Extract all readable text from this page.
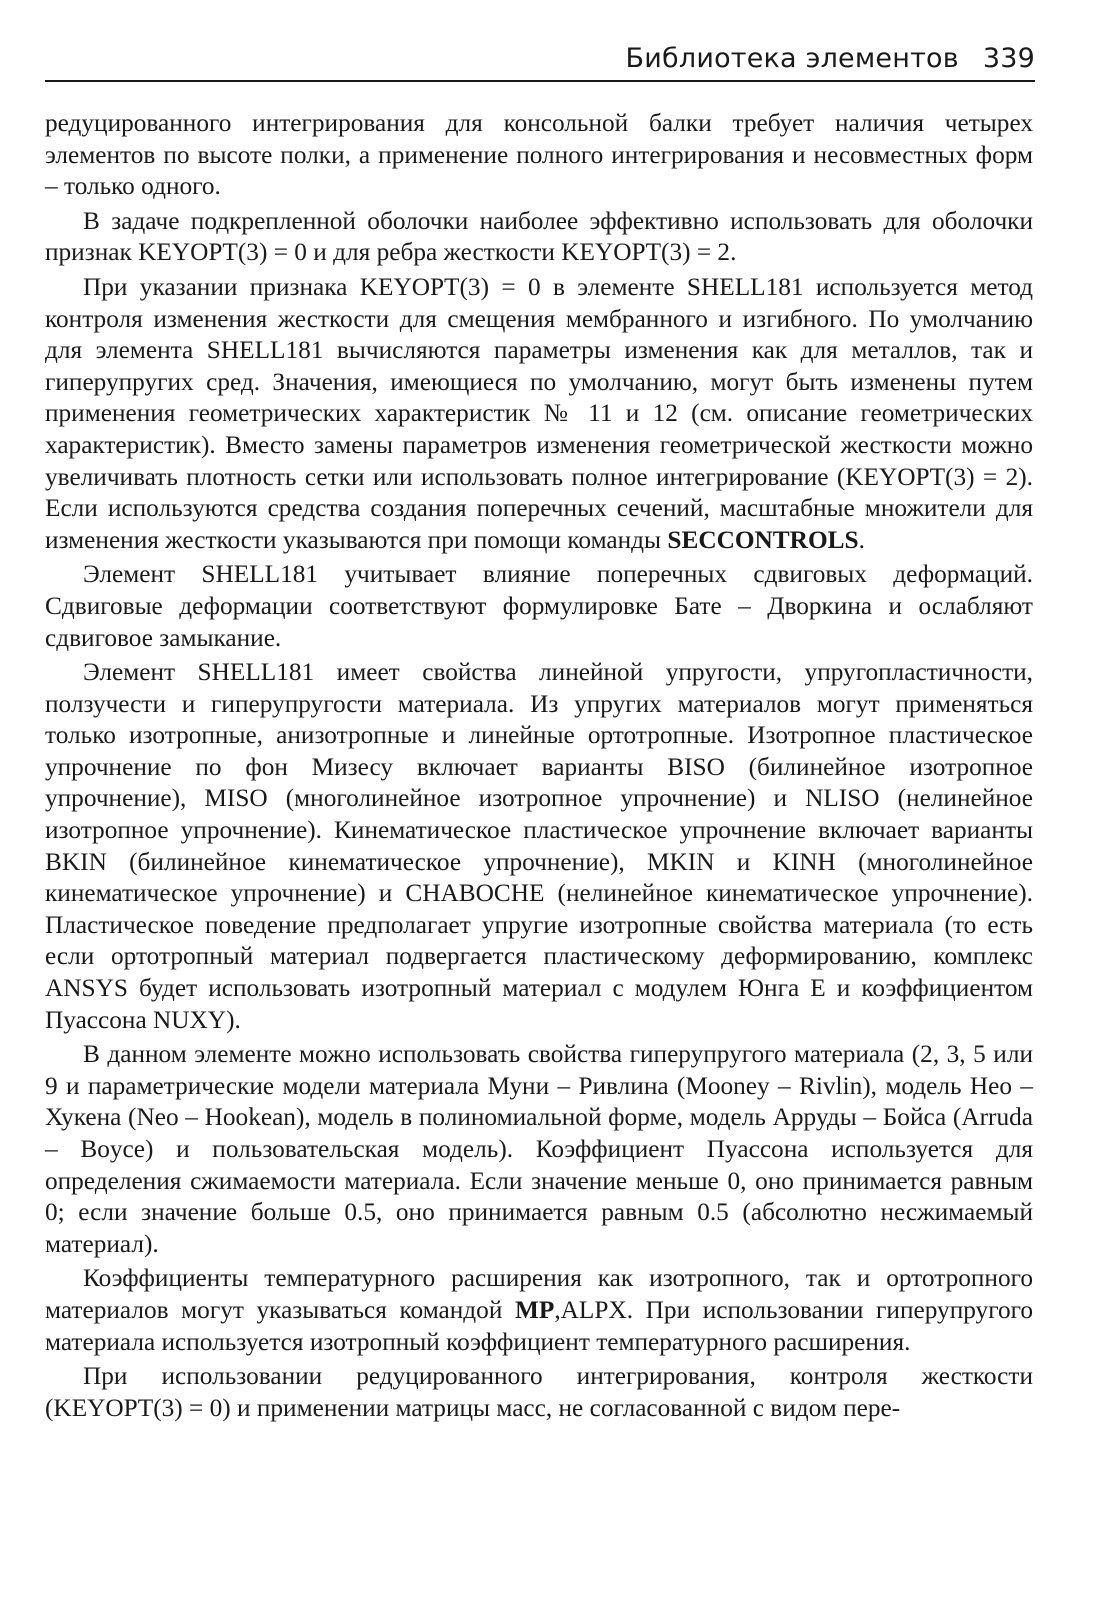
Библиотека элементов 339

редуцированного интегрирования для консольной балки требует наличия четырех элементов по высоте полки, а применение полного интегрирования и несовместных форм – только одного.

В задаче подкрепленной оболочки наиболее эффективно использовать для оболочки признак KEYOPT(3) = 0 и для ребра жесткости KEYOPT(3) = 2.

При указании признака KEYOPT(3) = 0 в элементе SHELL181 используется метод контроля изменения жесткости для смещения мембранного и изгибного. По умолчанию для элемента SHELL181 вычисляются параметры изменения как для металлов, так и гиперупругих сред. Значения, имеющиеся по умолчанию, могут быть изменены путем применения геометрических характеристик № 11 и 12 (см. описание геометрических характеристик). Вместо замены параметров изменения геометрической жесткости можно увеличивать плотность сетки или использовать полное интегрирование (KEYOPT(3) = 2). Если используются средства создания поперечных сечений, масштабные множители для изменения жесткости указываются при помощи команды SECCONTROLS.

Элемент SHELL181 учитывает влияние поперечных сдвиговых деформаций. Сдвиговые деформации соответствуют формулировке Бате – Дворкина и ослабляют сдвиговое замыкание.

Элемент SHELL181 имеет свойства линейной упругости, упругопластичности, ползучести и гиперупругости материала. Из упругих материалов могут применяться только изотропные, анизотропные и линейные ортотропные. Изотропное пластическое упрочнение по фон Мизесу включает варианты BISO (билинейное изотропное упрочнение), MISO (многолинейное изотропное упрочнение) и NLISO (нелинейное изотропное упрочнение). Кинематическое пластическое упрочнение включает варианты BKIN (билинейное кинематическое упрочнение), MKIN и KINH (многолинейное кинематическое упрочнение) и CHABOCHE (нелинейное кинематическое упрочнение). Пластическое поведение предполагает упругие изотропные свойства материала (то есть если ортотропный материал подвергается пластическому деформированию, комплекс ANSYS будет использовать изотропный материал с модулем Юнга E и коэффициентом Пуассона NUXY).

В данном элементе можно использовать свойства гиперупругого материала (2, 3, 5 или 9 и параметрические модели материала Муни – Ривлина (Mooney – Rivlin), модель Нео – Хукена (Neo – Hookean), модель в полиномиальной форме, модель Арруды – Бойса (Arruda – Boyce) и пользовательская модель). Коэффициент Пуассона используется для определения сжимаемости материала. Если значение меньше 0, оно принимается равным 0; если значение больше 0.5, оно принимается равным 0.5 (абсолютно несжимаемый материал).

Коэффициенты температурного расширения как изотропного, так и ортотропного материалов могут указываться командой MP,ALPX. При использовании гиперупругого материала используется изотропный коэффициент температурного расширения.

При использовании редуцированного интегрирования, контроля жесткости (KEYOPT(3) = 0) и применении матрицы масс, не согласованной с видом пере-
